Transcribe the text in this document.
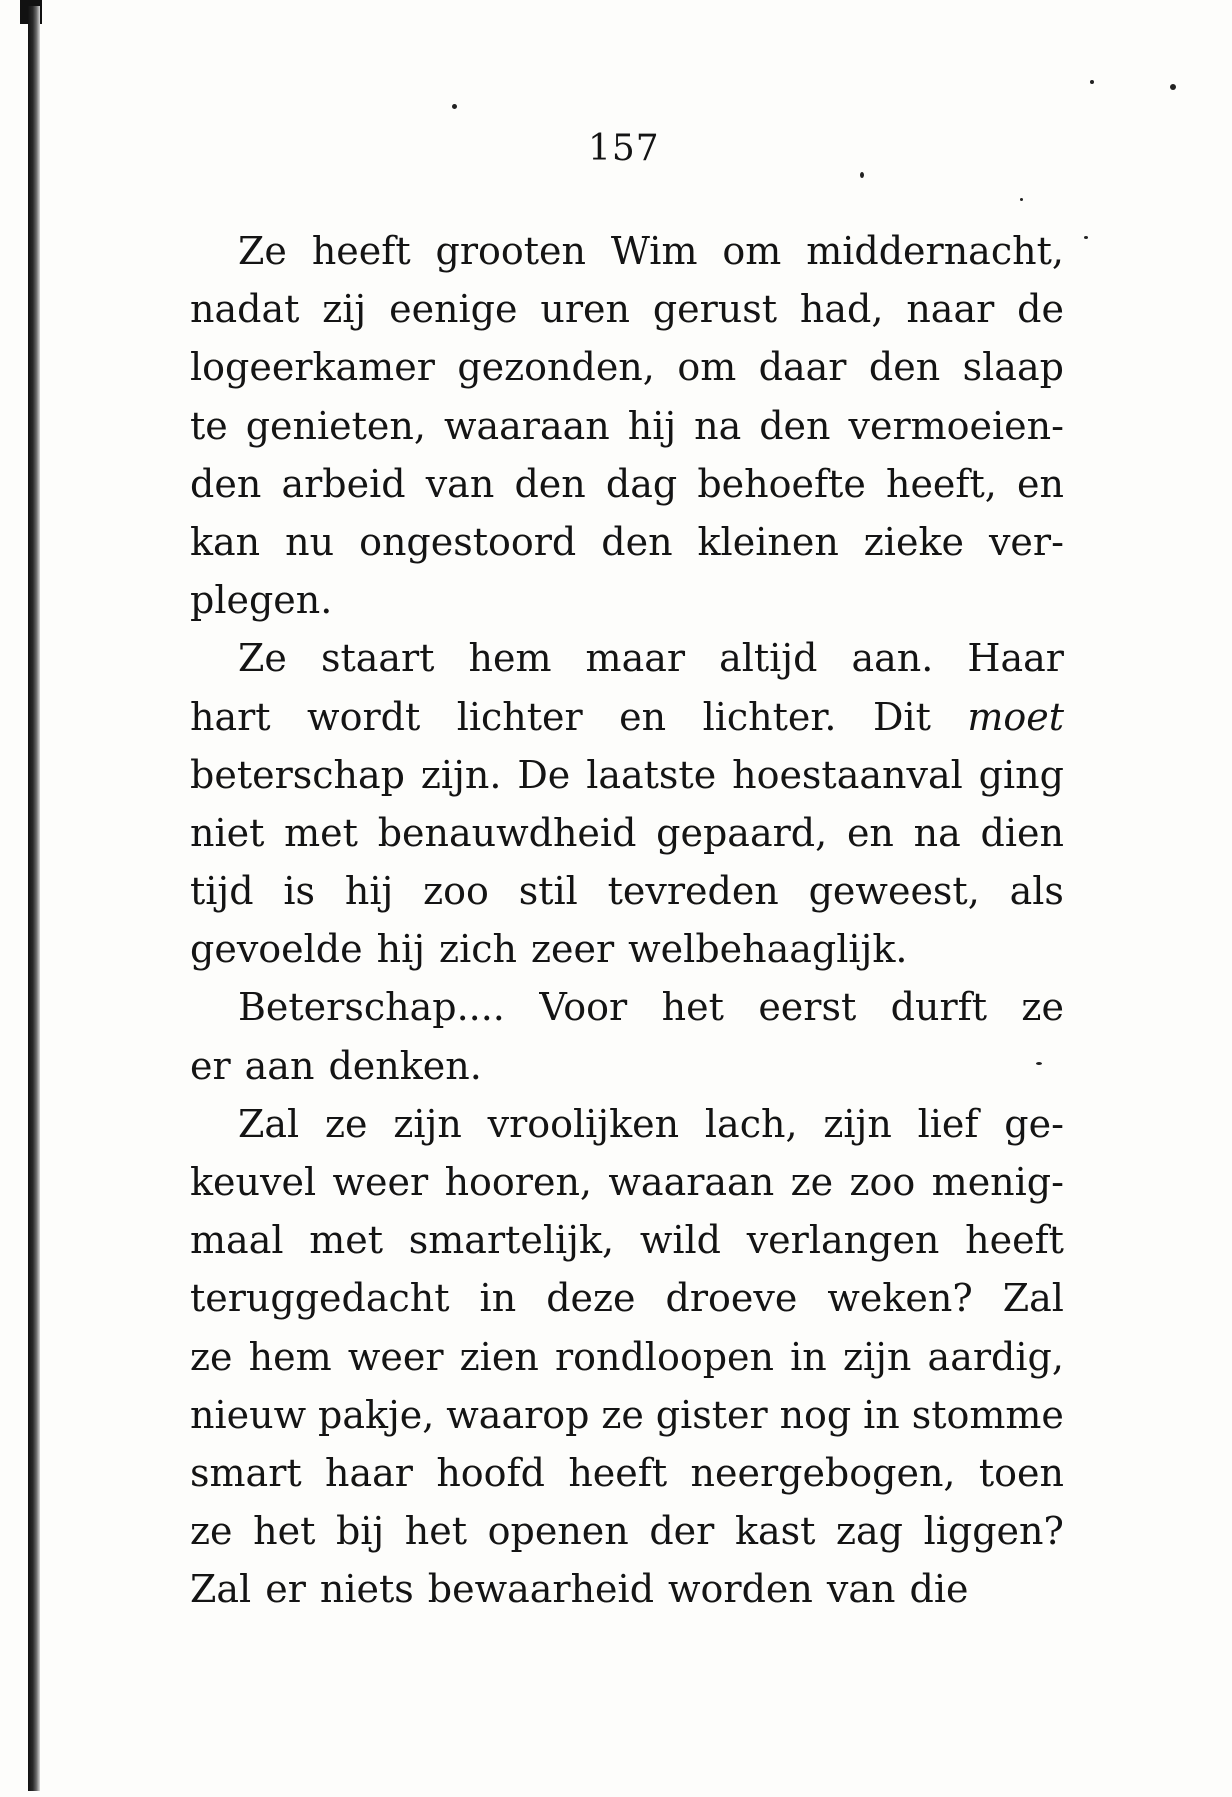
157
Ze heeft grooten Wim om middernacht,
nadat zij eenige uren gerust had, naar de
logeerkamer gezonden, om daar den slaap
te genieten, waaraan hij na den vermoeien-
den arbeid van den dag behoefte heeft, en
kan nu ongestoord den kleinen zieke ver-
plegen.
Ze staart hem maar altijd aan. Haar
hart wordt lichter en lichter. Dit moet
beterschap zijn. De laatste hoestaanval ging
niet met benauwdheid gepaard, en na dien
tijd is hij zoo stil tevreden geweest, als
gevoelde hij zich zeer welbehaaglijk.
Beterschap.... Voor het eerst durft ze
er aan denken.
Zal ze zijn vroolijken lach, zijn lief ge-
keuvel weer hooren, waaraan ze zoo menig-
maal met smartelijk, wild verlangen heeft
teruggedacht in deze droeve weken? Zal
ze hem weer zien rondloopen in zijn aardig,
nieuw pakje, waarop ze gister nog in stomme
smart haar hoofd heeft neergebogen, toen
ze het bij het openen der kast zag liggen?
Zal er niets bewaarheid worden van die
